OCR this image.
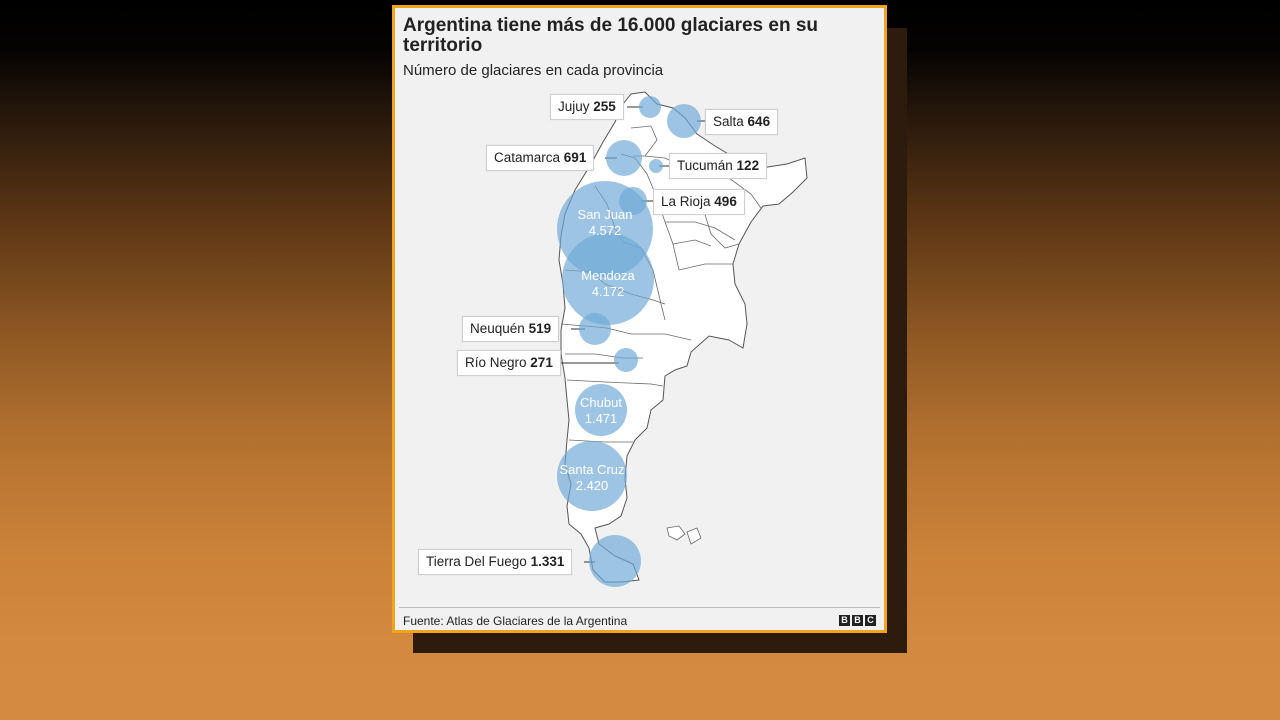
Argentina tiene más de 16.000 glaciares en su territorio

Número de glaciares en cada provincia

Jujuy 255
Salta 646
Catamarca 691
Tucumán 122
La Rioja 496
Neuquén 519
Río Negro 271
Tierra Del Fuego 1.331
San Juan
4.572
Mendoza
4.172
Chubut
1.471
Santa Cruz
2.420
Fuente: Atlas de Glaciares de la Argentina	B B C
